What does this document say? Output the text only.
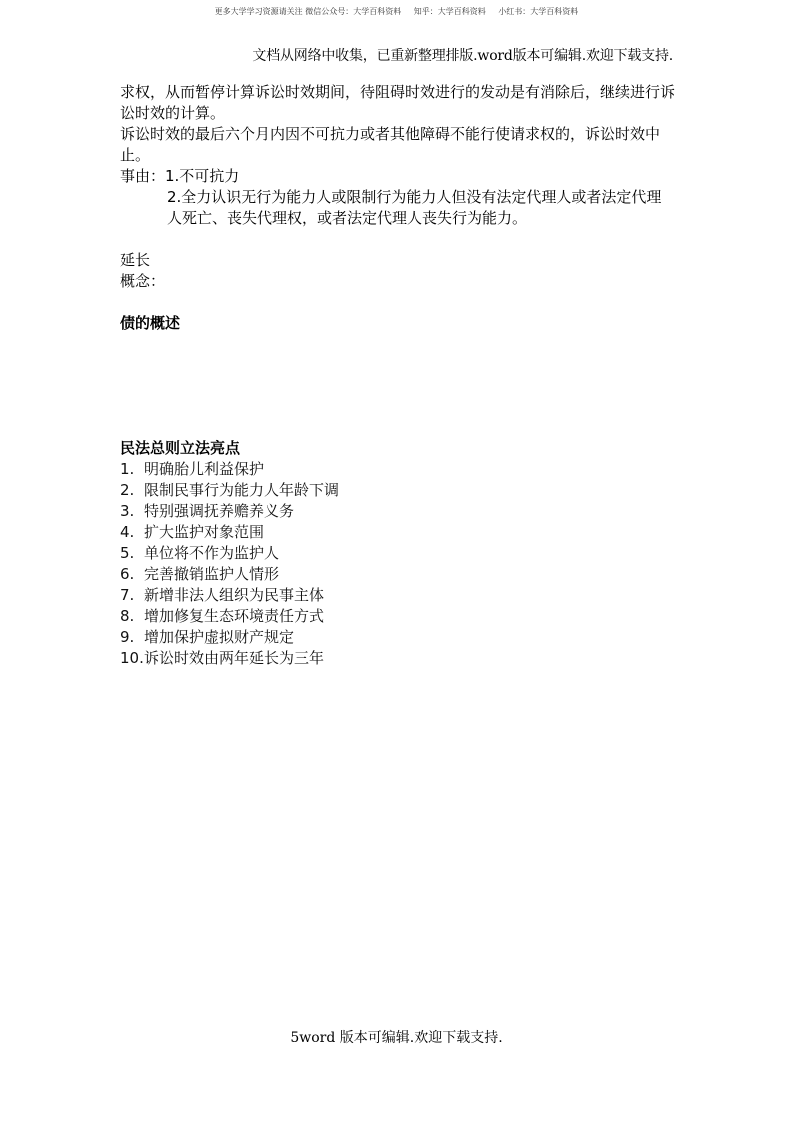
更多大学学习资源请关注 微信公众号：大学百科资料 知乎：大学百科资料 小红书：大学百科资料
文档从网络中收集，已重新整理排版.word版本可编辑.欢迎下载支持.

求权，从而暂停计算诉讼时效期间，待阻碍时效进行的发动是有消除后，继续进行诉讼时效的计算。

诉讼时效的最后六个月内因不可抗力或者其他障碍不能行使请求权的，诉讼时效中止。

事由：1.不可抗力

2.全力认识无行为能力人或限制行为能力人但没有法定代理人或者法定代理人死亡、丧失代理权，或者法定代理人丧失行为能力。

延长

概念：

债的概述

民法总则立法亮点

1. 明确胎儿利益保护
2. 限制民事行为能力人年龄下调
3. 特别强调抚养赡养义务
4. 扩大监护对象范围
5. 单位将不作为监护人
6. 完善撤销监护人情形
7. 新增非法人组织为民事主体
8. 增加修复生态环境责任方式
9. 增加保护虚拟财产规定
10.诉讼时效由两年延长为三年
5word 版本可编辑.欢迎下载支持.
